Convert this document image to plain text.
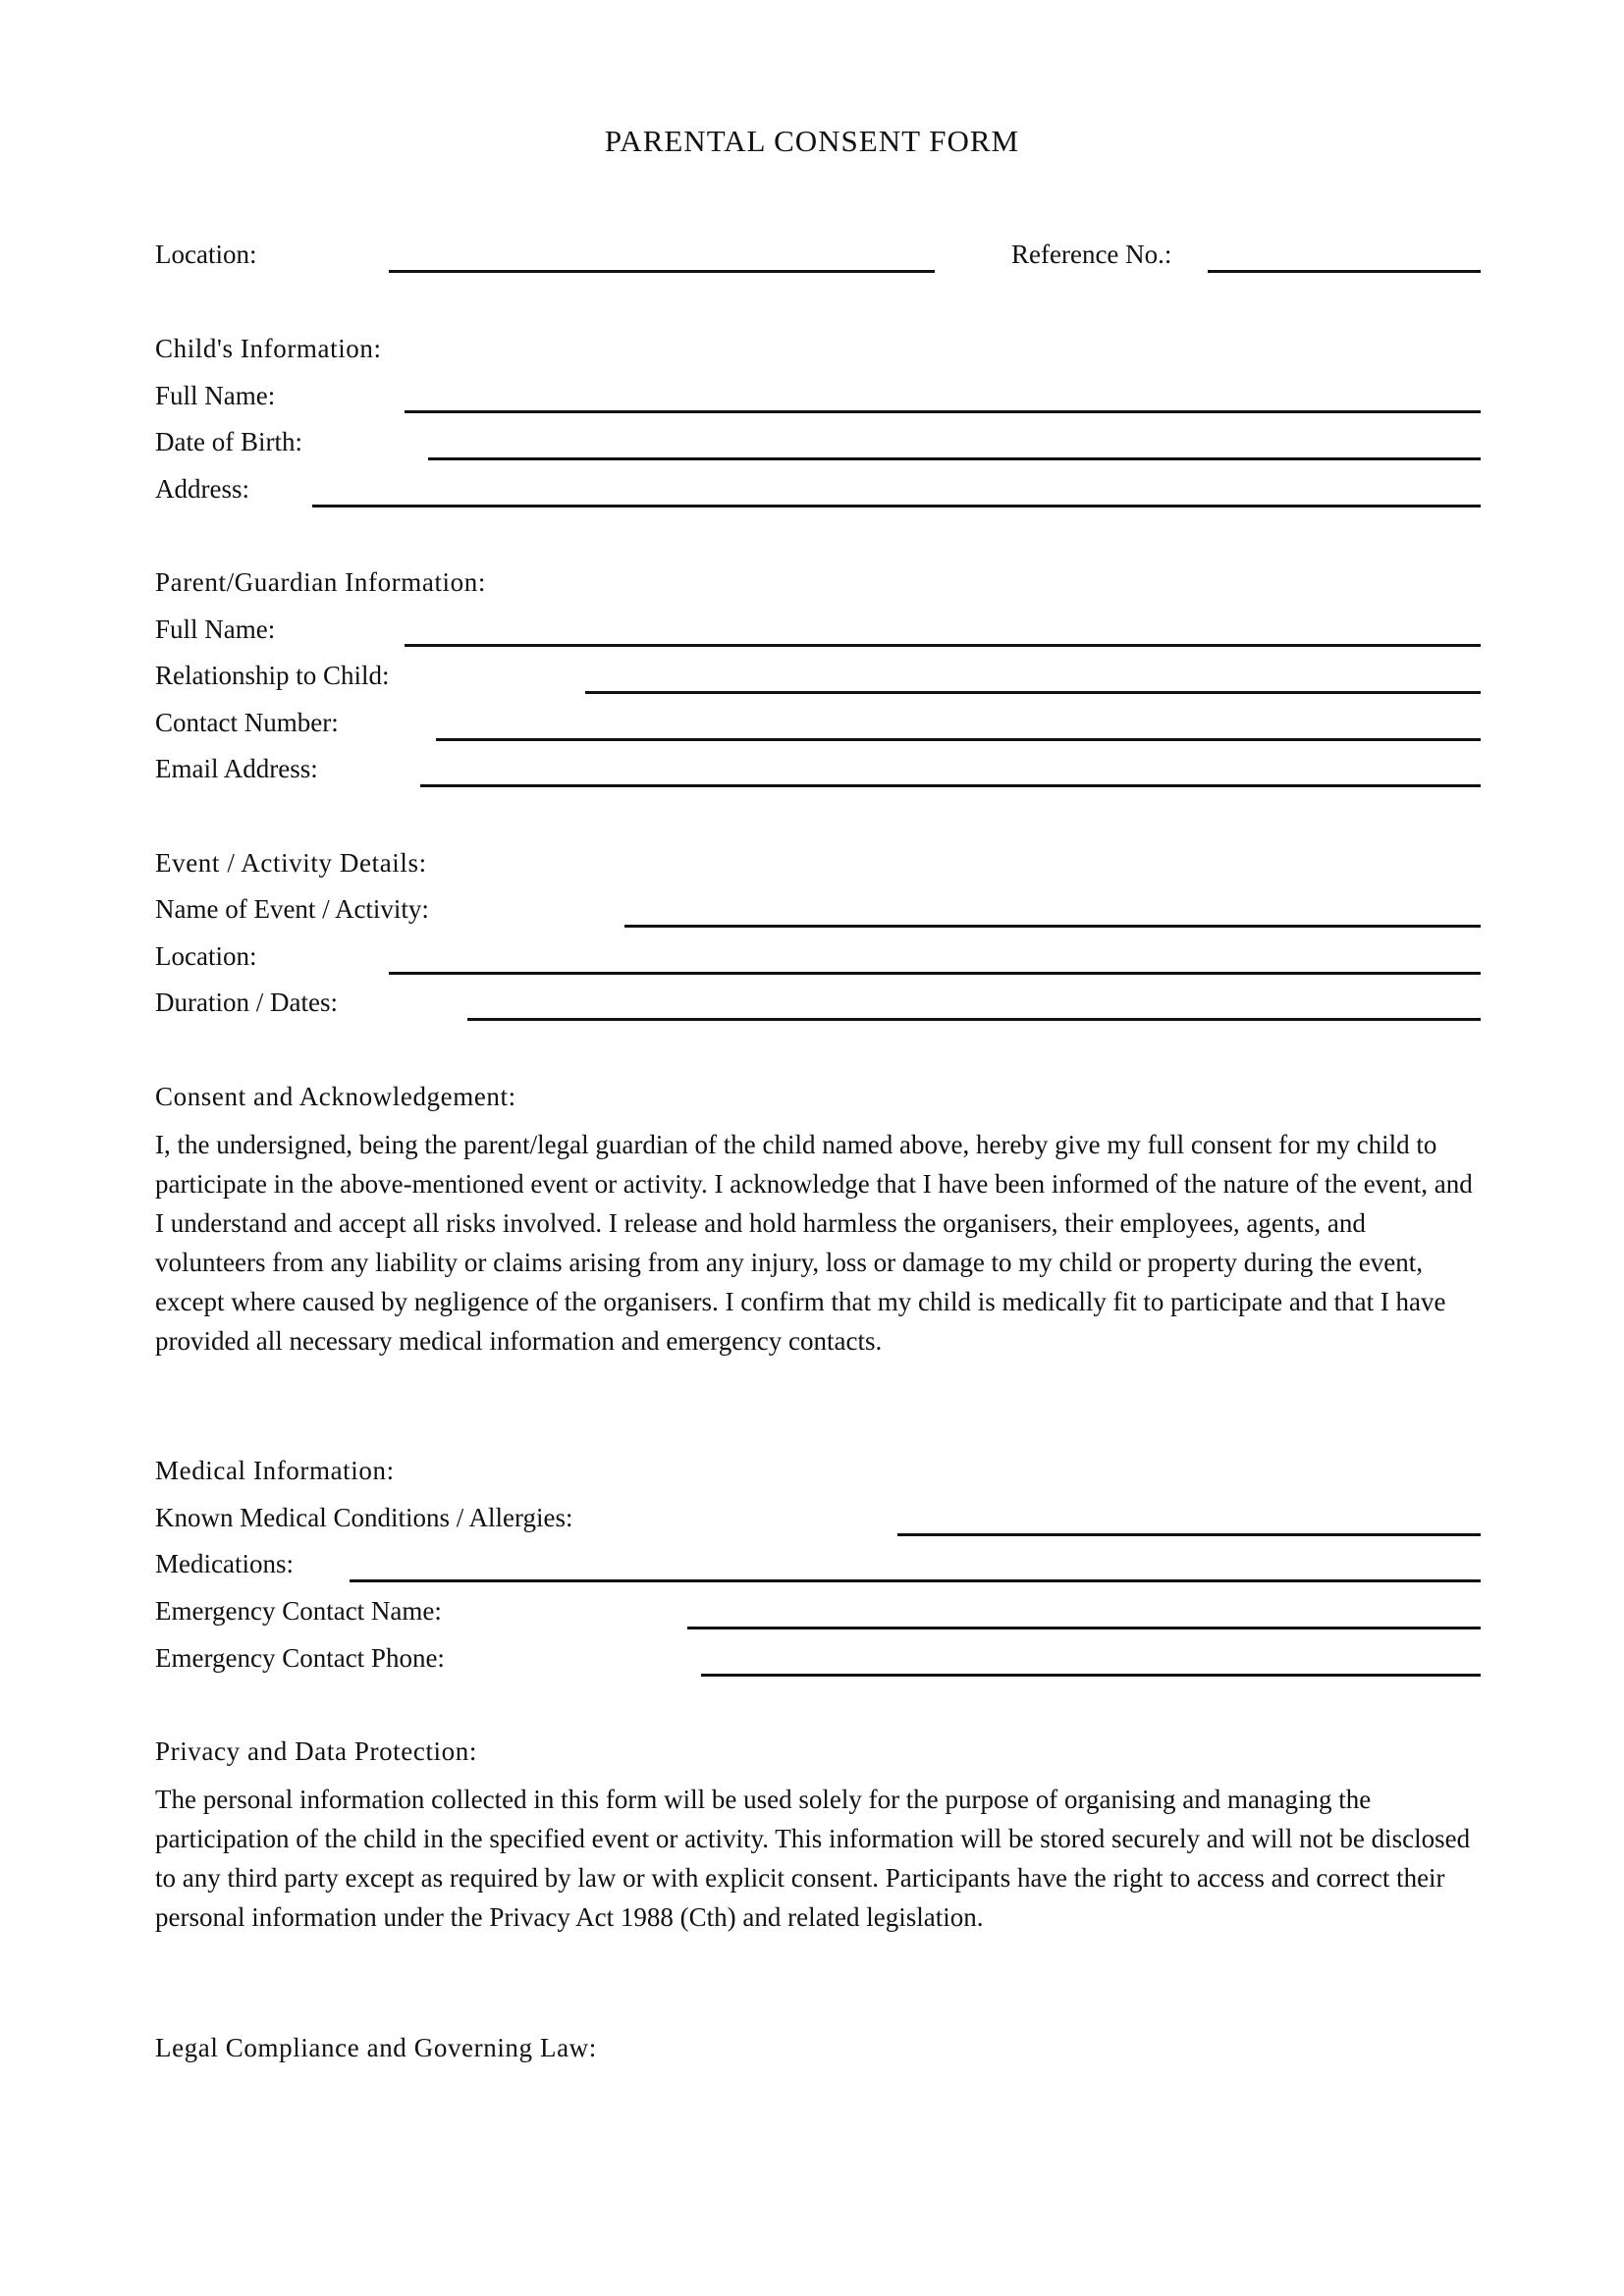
PARENTAL CONSENT FORM
Location:	Reference No.:
Child's Information:
Full Name:
Date of Birth:
Address:
Parent/Guardian Information:
Full Name:
Relationship to Child:
Contact Number:
Email Address:
Event / Activity Details:
Name of Event / Activity:
Location:
Duration / Dates:
Consent and Acknowledgement:

I, the undersigned, being the parent/legal guardian of the child named above, hereby give my full consent for my child to participate in the above-mentioned event or activity. I acknowledge that I have been informed of the nature of the event, and I understand and accept all risks involved. I release and hold harmless the organisers, their employees, agents, and volunteers from any liability or claims arising from any injury, loss or damage to my child or property during the event, except where caused by negligence of the organisers. I confirm that my child is medically fit to participate and that I have provided all necessary medical information and emergency contacts.

Medical Information:
Known Medical Conditions / Allergies:
Medications:
Emergency Contact Name:
Emergency Contact Phone:
Privacy and Data Protection:

The personal information collected in this form will be used solely for the purpose of organising and managing the participation of the child in the specified event or activity. This information will be stored securely and will not be disclosed to any third party except as required by law or with explicit consent. Participants have the right to access and correct their personal information under the Privacy Act 1988 (Cth) and related legislation.

Legal Compliance and Governing Law:
